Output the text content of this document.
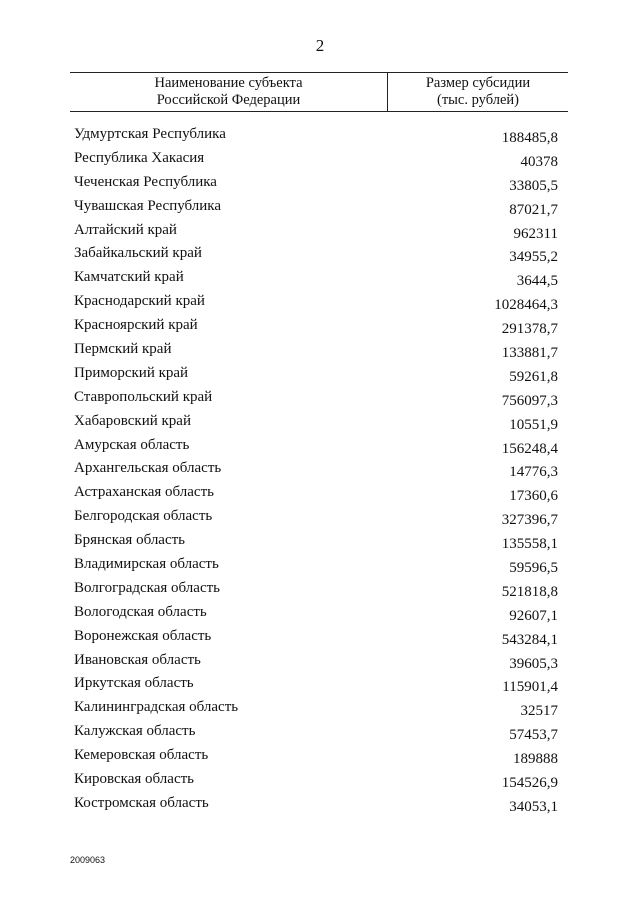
2
Наименование субъекта
Российской Федерации
Размер субсидии
(тыс. рублей)
Удмуртская Республика	188485,8
Республика Хакасия	40378
Чеченская Республика	33805,5
Чувашская Республика	87021,7
Алтайский край	962311
Забайкальский край	34955,2
Камчатский край	3644,5
Краснодарский край	1028464,3
Красноярский край	291378,7
Пермский край	133881,7
Приморский край	59261,8
Ставропольский край	756097,3
Хабаровский край	10551,9
Амурская область	156248,4
Архангельская область	14776,3
Астраханская область	17360,6
Белгородская область	327396,7
Брянская область	135558,1
Владимирская область	59596,5
Волгоградская область	521818,8
Вологодская область	92607,1
Воронежская область	543284,1
Ивановская область	39605,3
Иркутская область	115901,4
Калининградская область	32517
Калужская область	57453,7
Кемеровская область	189888
Кировская область	154526,9
Костромская область	34053,1
2009063
